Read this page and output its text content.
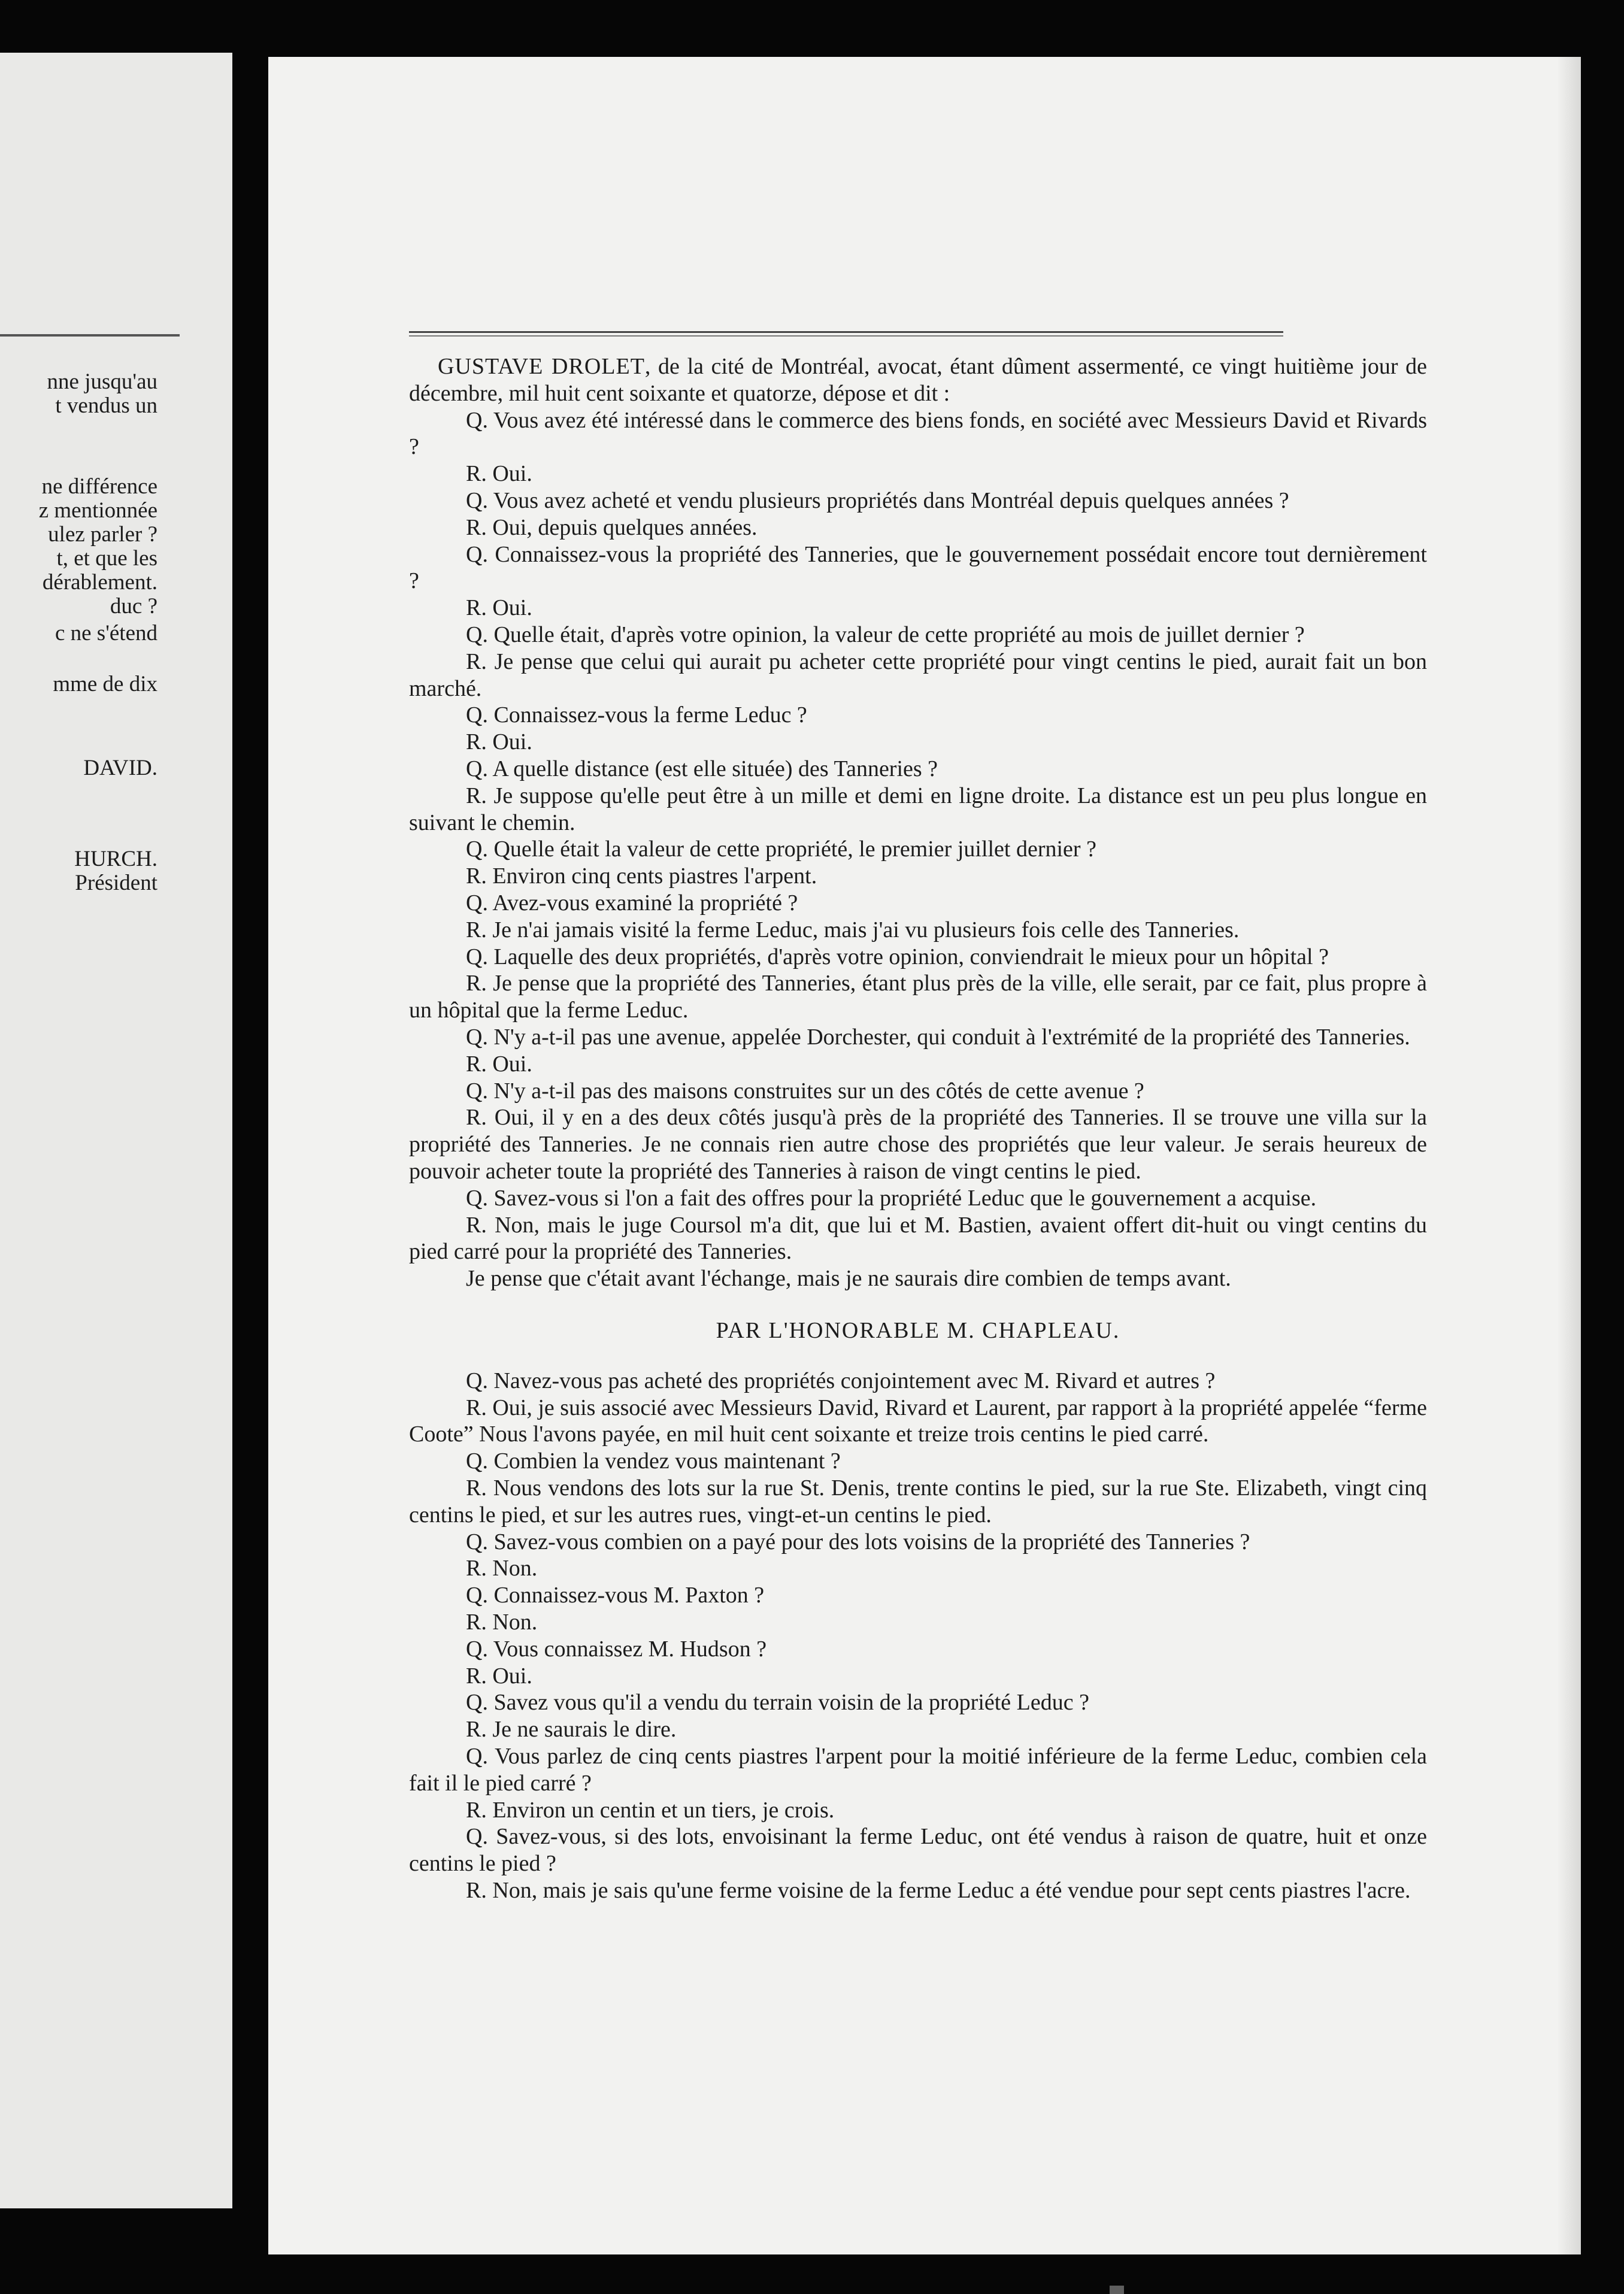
nne jusqu'au
t vendus un
ne différence
z mentionnée
ulez parler ?
t, et que les
dérablement.
duc ?
c ne s'étend
mme de dix
DAVID.
HURCH.
Président

GUSTAVE DROLET, de la cité de Montréal, avocat, étant dûment assermenté, ce vingt huitième jour de décembre, mil huit cent soixante et quatorze, dépose et dit :

Q. Vous avez été intéressé dans le commerce des biens fonds, en société avec Messieurs David et Rivards ?

R. Oui.

Q. Vous avez acheté et vendu plusieurs propriétés dans Montréal depuis quelques années ?

R. Oui, depuis quelques années.

Q. Connaissez-vous la propriété des Tanneries, que le gouvernement possédait encore tout dernièrement ?

R. Oui.

Q. Quelle était, d'après votre opinion, la valeur de cette propriété au mois de juillet dernier ?

R. Je pense que celui qui aurait pu acheter cette propriété pour vingt centins le pied, aurait fait un bon marché.

Q. Connaissez-vous la ferme Leduc ?

R. Oui.

Q. A quelle distance (est elle située) des Tanneries ?

R. Je suppose qu'elle peut être à un mille et demi en ligne droite. La distance est un peu plus longue en suivant le chemin.

Q. Quelle était la valeur de cette propriété, le premier juillet dernier ?

R. Environ cinq cents piastres l'arpent.

Q. Avez-vous examiné la propriété ?

R. Je n'ai jamais visité la ferme Leduc, mais j'ai vu plusieurs fois celle des Tanneries.

Q. Laquelle des deux propriétés, d'après votre opinion, conviendrait le mieux pour un hôpital ?

R. Je pense que la propriété des Tanneries, étant plus près de la ville, elle serait, par ce fait, plus propre à un hôpital que la ferme Leduc.

Q. N'y a-t-il pas une avenue, appelée Dorchester, qui conduit à l'extrémité de la propriété des Tanneries.

R. Oui.

Q. N'y a-t-il pas des maisons construites sur un des côtés de cette avenue ?

R. Oui, il y en a des deux côtés jusqu'à près de la propriété des Tanneries. Il se trouve une villa sur la propriété des Tanneries. Je ne connais rien autre chose des propriétés que leur valeur. Je serais heureux de pouvoir acheter toute la propriété des Tanneries à raison de vingt centins le pied.

Q. Savez-vous si l'on a fait des offres pour la propriété Leduc que le gouvernement a acquise.

R. Non, mais le juge Coursol m'a dit, que lui et M. Bastien, avaient offert dit-huit ou vingt centins du pied carré pour la propriété des Tanneries.

Je pense que c'était avant l'échange, mais je ne saurais dire combien de temps avant.

PAR L'HONORABLE M. CHAPLEAU.

Q. Navez-vous pas acheté des propriétés conjointement avec M. Rivard et autres ?

R. Oui, je suis associé avec Messieurs David, Rivard et Laurent, par rapport à la propriété appelée “ferme Coote” Nous l'avons payée, en mil huit cent soixante et treize trois centins le pied carré.

Q. Combien la vendez vous maintenant ?

R. Nous vendons des lots sur la rue St. Denis, trente contins le pied, sur la rue Ste. Elizabeth, vingt cinq centins le pied, et sur les autres rues, vingt-et-un centins le pied.

Q. Savez-vous combien on a payé pour des lots voisins de la propriété des Tanneries ?

R. Non.

Q. Connaissez-vous M. Paxton ?

R. Non.

Q. Vous connaissez M. Hudson ?

R. Oui.

Q. Savez vous qu'il a vendu du terrain voisin de la propriété Leduc ?

R. Je ne saurais le dire.

Q. Vous parlez de cinq cents piastres l'arpent pour la moitié inférieure de la ferme Leduc, combien cela fait il le pied carré ?

R. Environ un centin et un tiers, je crois.

Q. Savez-vous, si des lots, envoisinant la ferme Leduc, ont été vendus à raison de quatre, huit et onze centins le pied ?

R. Non, mais je sais qu'une ferme voisine de la ferme Leduc a été vendue pour sept cents piastres l'acre.
